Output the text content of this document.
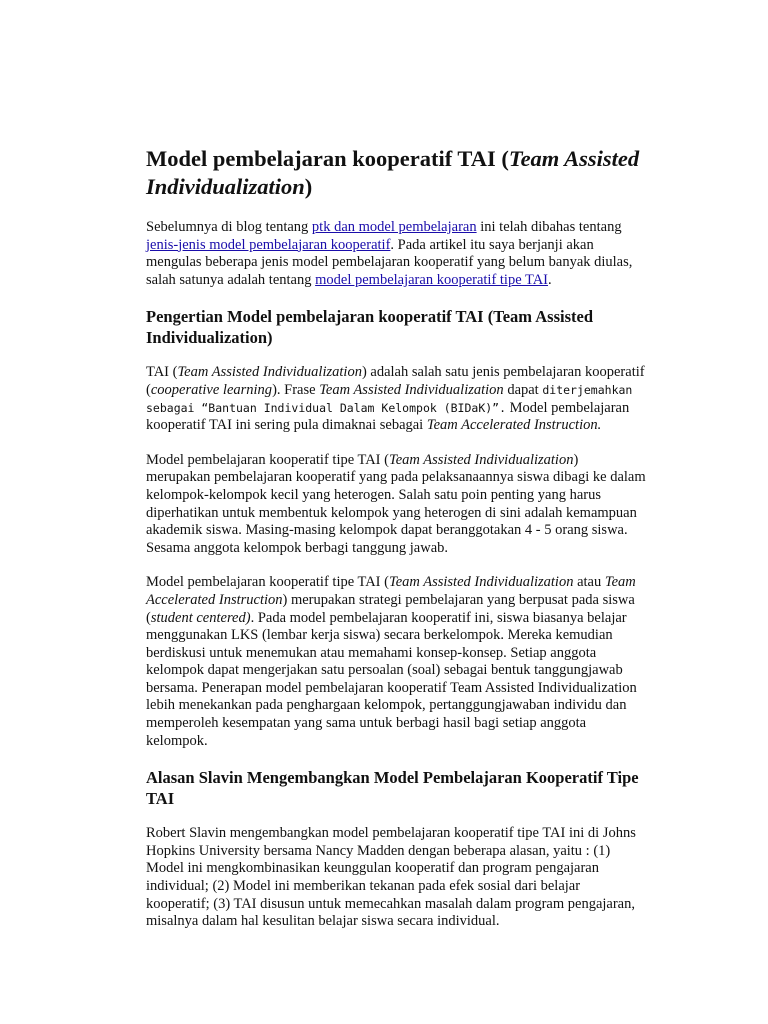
Model pembelajaran kooperatif TAI (Team Assisted Individualization)

Sebelumnya di blog tentang ptk dan model pembelajaran ini telah dibahas tentang jenis-jenis model pembelajaran kooperatif. Pada artikel itu saya berjanji akan mengulas beberapa jenis model pembelajaran kooperatif yang belum banyak diulas, salah satunya adalah tentang model pembelajaran kooperatif tipe TAI.

Pengertian Model pembelajaran kooperatif TAI (Team Assisted Individualization)

TAI (Team Assisted Individualization) adalah salah satu jenis pembelajaran kooperatif (cooperative learning). Frase Team Assisted Individualization dapat diterjemahkan sebagai “Bantuan Individual Dalam Kelompok (BIDaK)”. Model pembelajaran kooperatif TAI ini sering pula dimaknai sebagai Team Accelerated Instruction.

Model pembelajaran kooperatif tipe TAI (Team Assisted Individualization) merupakan pembelajaran kooperatif yang pada pelaksanaannya siswa dibagi ke dalam kelompok-kelompok kecil yang heterogen. Salah satu poin penting yang harus diperhatikan untuk membentuk kelompok yang heterogen di sini adalah kemampuan akademik siswa. Masing-masing kelompok dapat beranggotakan 4 - 5 orang siswa. Sesama anggota kelompok berbagi tanggung jawab.

Model pembelajaran kooperatif tipe TAI (Team Assisted Individualization atau Team Accelerated Instruction) merupakan strategi pembelajaran yang berpusat pada siswa (student centered). Pada model pembelajaran kooperatif ini, siswa biasanya belajar menggunakan LKS (lembar kerja siswa) secara berkelompok. Mereka kemudian berdiskusi untuk menemukan atau memahami konsep-konsep. Setiap anggota kelompok dapat mengerjakan satu persoalan (soal) sebagai bentuk tanggungjawab bersama. Penerapan model pembelajaran kooperatif Team Assisted Individualization lebih menekankan pada penghargaan kelompok, pertanggungjawaban individu dan memperoleh kesempatan yang sama untuk berbagi hasil bagi setiap anggota kelompok.

Alasan Slavin Mengembangkan Model Pembelajaran Kooperatif Tipe TAI

Robert Slavin mengembangkan model pembelajaran kooperatif tipe TAI ini di Johns Hopkins University bersama Nancy Madden dengan beberapa alasan, yaitu : (1) Model ini mengkombinasikan keunggulan kooperatif dan program pengajaran individual; (2) Model ini memberikan tekanan pada efek sosial dari belajar kooperatif; (3) TAI disusun untuk memecahkan masalah dalam program pengajaran, misalnya dalam hal kesulitan belajar siswa secara individual.
